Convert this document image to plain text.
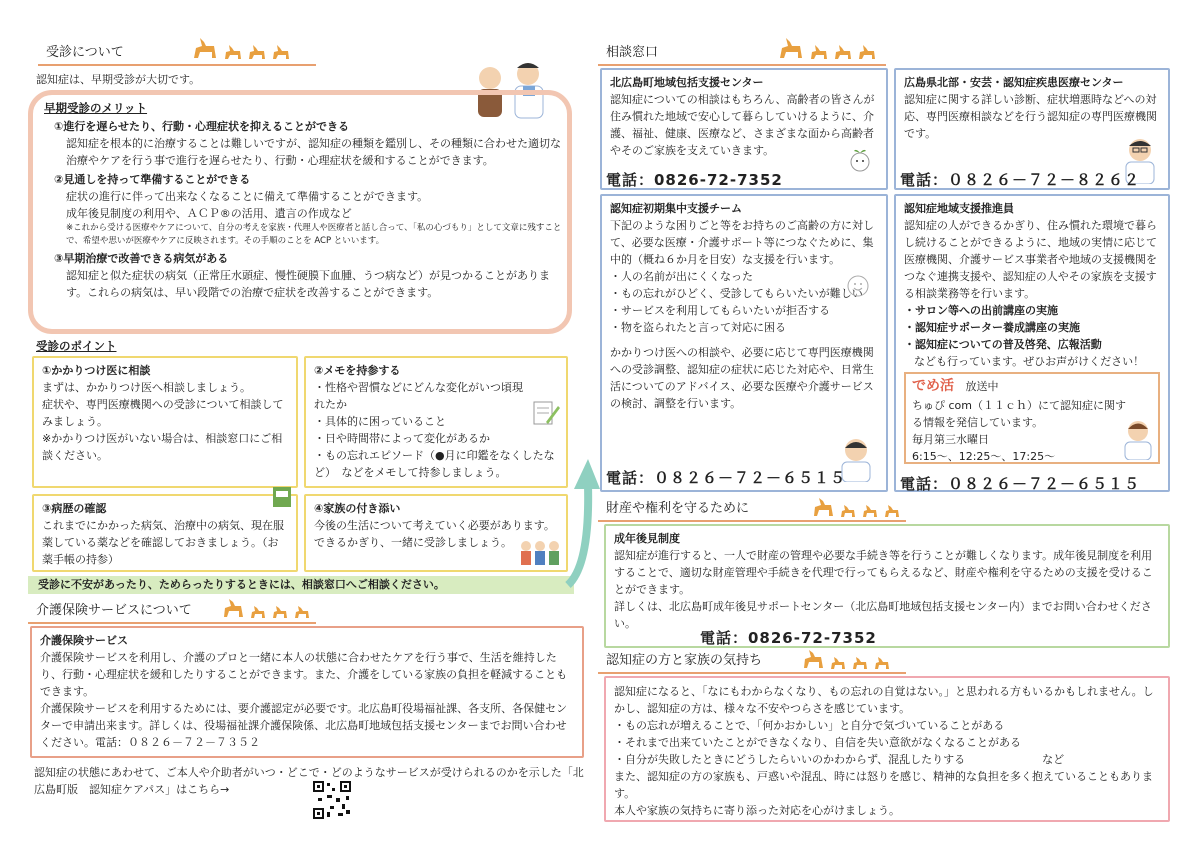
受診について

認知症は、早期受診が大切です。

早期受診のメリット

①進行を遅らせたり、行動・心理症状を抑えることができる

認知症を根本的に治療することは難しいですが、認知症の種類を鑑別し、その種類に合わせた適切な治療やケアを行う事で進行を遅らせたり、行動・心理症状を緩和することができます。

②見通しを持って準備することができる

症状の進行に伴って出来なくなることに備えて準備することができます。

成年後見制度の利用や、ＡＣＰ®の活用、遺言の作成など

※これから受ける医療やケアについて、自分の考えを家族・代理人や医療者と話し合って、「私の心づもり」として文章に残すことで、希望や思いが医療やケアに反映されます。その手順のことを ACP といいます。

③早期治療で改善できる病気がある

認知症と似た症状の病気（正常圧水頭症、慢性硬膜下血腫、うつ病など）が見つかることがあります。これらの病気は、早い段階での治療で症状を改善することができます。

受診のポイント

①かかりつけ医に相談

まずは、かかりつけ医へ相談しましょう。

症状や、専門医療機関への受診について相談してみましょう。

※かかりつけ医がいない場合は、相談窓口にご相談ください。

②メモを持参する

・性格や習慣などにどんな変化がいつ頃現れたか

・具体的に困っていること

・日や時間帯によって変化があるか

・もの忘れエピソード（●月に印鑑をなくしたなど）　などをメモして持参しましょう。

③病歴の確認

これまでにかかった病気、治療中の病気、現在服薬している薬などを確認しておきましょう。（お薬手帳の持参）

④家族の付き添い

今後の生活について考えていく必要があります。

できるかぎり、一緒に受診しましょう。

受診に不安があったり、ためらったりするときには、相談窓口へご相談ください。
介護保険サービスについて

介護保険サービス

介護保険サービスを利用し、介護のプロと一緒に本人の状態に合わせたケアを行う事で、生活を維持したり、行動・心理症状を緩和したりすることができます。また、介護をしている家族の負担を軽減することもできます。

介護保険サービスを利用するためには、要介護認定が必要です。北広島町役場福祉課、各支所、各保健センターで申請出来ます。詳しくは、役場福祉課介護保険係、北広島町地域包括支援センターまでお問い合わせください。電話：０８２６－７２－７３５２

認知症の状態にあわせて、ご本人や介助者がいつ・どこで・どのようなサービスが受けられるのかを示した「北広島町版　認知症ケアパス」はこちら→

相談窓口

北広島町地域包括支援センター

認知症についての相談はもちろん、高齢者の皆さんが住み慣れた地域で安心して暮らしていけるように、介護、福祉、健康、医療など、さまざまな面から高齢者やそのご家族を支えていきます。

電話：0826-72-7352

広島県北部・安芸・認知症疾患医療センター

認知症に関する詳しい診断、症状増悪時などへの対応、専門医療相談などを行う認知症の専門医療機関です。

電話：０８２６－７２－８２６２

認知症初期集中支援チーム

下記のような困りごと等をお持ちのご高齢の方に対して、必要な医療・介護サポート等につなぐために、集中的（概ね６か月を目安）な支援を行います。

・人の名前が出にくくなった

・もの忘れがひどく、受診してもらいたいが難しい

・サービスを利用してもらいたいが拒否する

・物を盗られたと言って対応に困る

かかりつけ医への相談や、必要に応じて専門医療機関への受診調整、認知症の症状に応じた対応や、日常生活についてのアドバイス、必要な医療や介護サービスの検討、調整を行います。

電話：０８２６－７２－６５１５

認知症地域支援推進員

認知症の人ができるかぎり、住み慣れた環境で暮らし続けることができるように、地域の実情に応じて医療機関、介護サービス事業者や地域の支援機関をつなぐ連携支援や、認知症の人やその家族を支援する相談業務等を行います。

・サロン等への出前講座の実施

・認知症サポーター養成講座の実施

・認知症についての普及啓発、広報活動

なども行っています。ぜひお声がけください！

でめ活 放送中

ちゅぴ com（１１ｃｈ）にて認知症に関する情報を発信しています。

毎月第三水曜日

6:15～、12:25～、17:25～

電話：０８２６－７２－６５１５

財産や権利を守るために

成年後見制度

認知症が進行すると、一人で財産の管理や必要な手続き等を行うことが難しくなります。成年後見制度を利用することで、適切な財産管理や手続きを代理で行ってもらえるなど、財産や権利を守るための支援を受けることができます。

詳しくは、北広島町成年後見サポートセンター（北広島町地域包括支援センター内）までお問い合わせください。

電話：0826-72-7352

認知症の方と家族の気持ち

認知症になると、「なにもわからなくなり、もの忘れの自覚はない。」と思われる方もいるかもしれません。しかし、認知症の方は、様々な不安やつらさを感じています。

・もの忘れが増えることで、「何かおかしい」と自分で気づいていることがある

・それまで出来ていたことができなくなり、自信を失い意欲がなくなることがある

・自分が失敗したときにどうしたらいいのかわからず、混乱したりする　　　　　　　など

また、認知症の方の家族も、戸惑いや混乱、時には怒りを感じ、精神的な負担を多く抱えていることもあります。

本人や家族の気持ちに寄り添った対応を心がけましょう。
